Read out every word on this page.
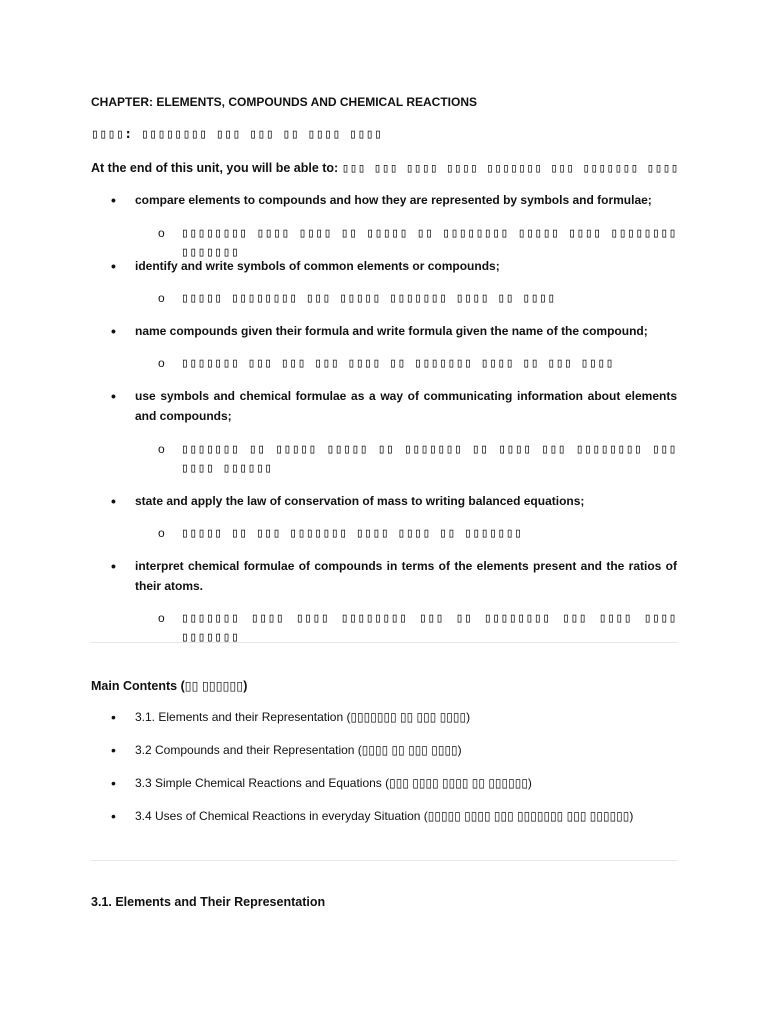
CHAPTER: ELEMENTS, COMPOUNDS AND CHEMICAL REACTIONS
▯▯▯▯: ▯▯▯▯▯▯▯▯ ▯▯▯ ▯▯▯ ▯▯ ▯▯▯▯ ▯▯▯▯
At the end of this unit, you will be able to: ▯▯▯ ▯▯▯ ▯▯▯▯ ▯▯▯▯ ▯▯▯▯▯▯▯ ▯▯▯ ▯▯▯▯▯▯▯ ▯▯▯▯
• compare elements to compounds and how they are represented by symbols and formulae;
o ▯▯▯▯▯▯▯▯ ▯▯▯▯ ▯▯▯▯ ▯▯ ▯▯▯▯▯ ▯▯ ▯▯▯▯▯▯▯▯ ▯▯▯▯▯ ▯▯▯▯ ▯▯▯▯▯▯▯▯ ▯▯▯▯▯▯▯
• identify and write symbols of common elements or compounds;
o ▯▯▯▯▯ ▯▯▯▯▯▯▯▯ ▯▯▯ ▯▯▯▯▯ ▯▯▯▯▯▯▯ ▯▯▯▯ ▯▯ ▯▯▯▯
• name compounds given their formula and write formula given the name of the compound;
o ▯▯▯▯▯▯▯ ▯▯▯ ▯▯▯ ▯▯▯ ▯▯▯▯ ▯▯ ▯▯▯▯▯▯▯ ▯▯▯▯ ▯▯ ▯▯▯ ▯▯▯▯
• use symbols and chemical formulae as a way of communicating information about elements and compounds;
o ▯▯▯▯▯▯▯ ▯▯ ▯▯▯▯▯ ▯▯▯▯▯ ▯▯ ▯▯▯▯▯▯▯ ▯▯ ▯▯▯▯ ▯▯▯ ▯▯▯▯▯▯▯▯ ▯▯▯ ▯▯▯▯ ▯▯▯▯▯▯
• state and apply the law of conservation of mass to writing balanced equations;
o ▯▯▯▯▯ ▯▯ ▯▯▯ ▯▯▯▯▯▯▯ ▯▯▯▯ ▯▯▯▯ ▯▯ ▯▯▯▯▯▯▯
• interpret chemical formulae of compounds in terms of the elements present and the ratios of their atoms.
o ▯▯▯▯▯▯▯ ▯▯▯▯ ▯▯▯▯ ▯▯▯▯▯▯▯▯ ▯▯▯ ▯▯ ▯▯▯▯▯▯▯▯ ▯▯▯ ▯▯▯▯ ▯▯▯▯ ▯▯▯▯▯▯▯
Main Contents (▯▯ ▯▯▯▯▯▯)
• 3.1. Elements and their Representation (▯▯▯▯▯▯▯ ▯▯ ▯▯▯ ▯▯▯▯)
• 3.2 Compounds and their Representation (▯▯▯▯ ▯▯ ▯▯▯ ▯▯▯▯)
• 3.3 Simple Chemical Reactions and Equations (▯▯▯ ▯▯▯▯ ▯▯▯▯ ▯▯ ▯▯▯▯▯▯)
• 3.4 Uses of Chemical Reactions in everyday Situation (▯▯▯▯▯ ▯▯▯▯ ▯▯▯ ▯▯▯▯▯▯▯ ▯▯▯ ▯▯▯▯▯▯)
3.1. Elements and Their Representation
